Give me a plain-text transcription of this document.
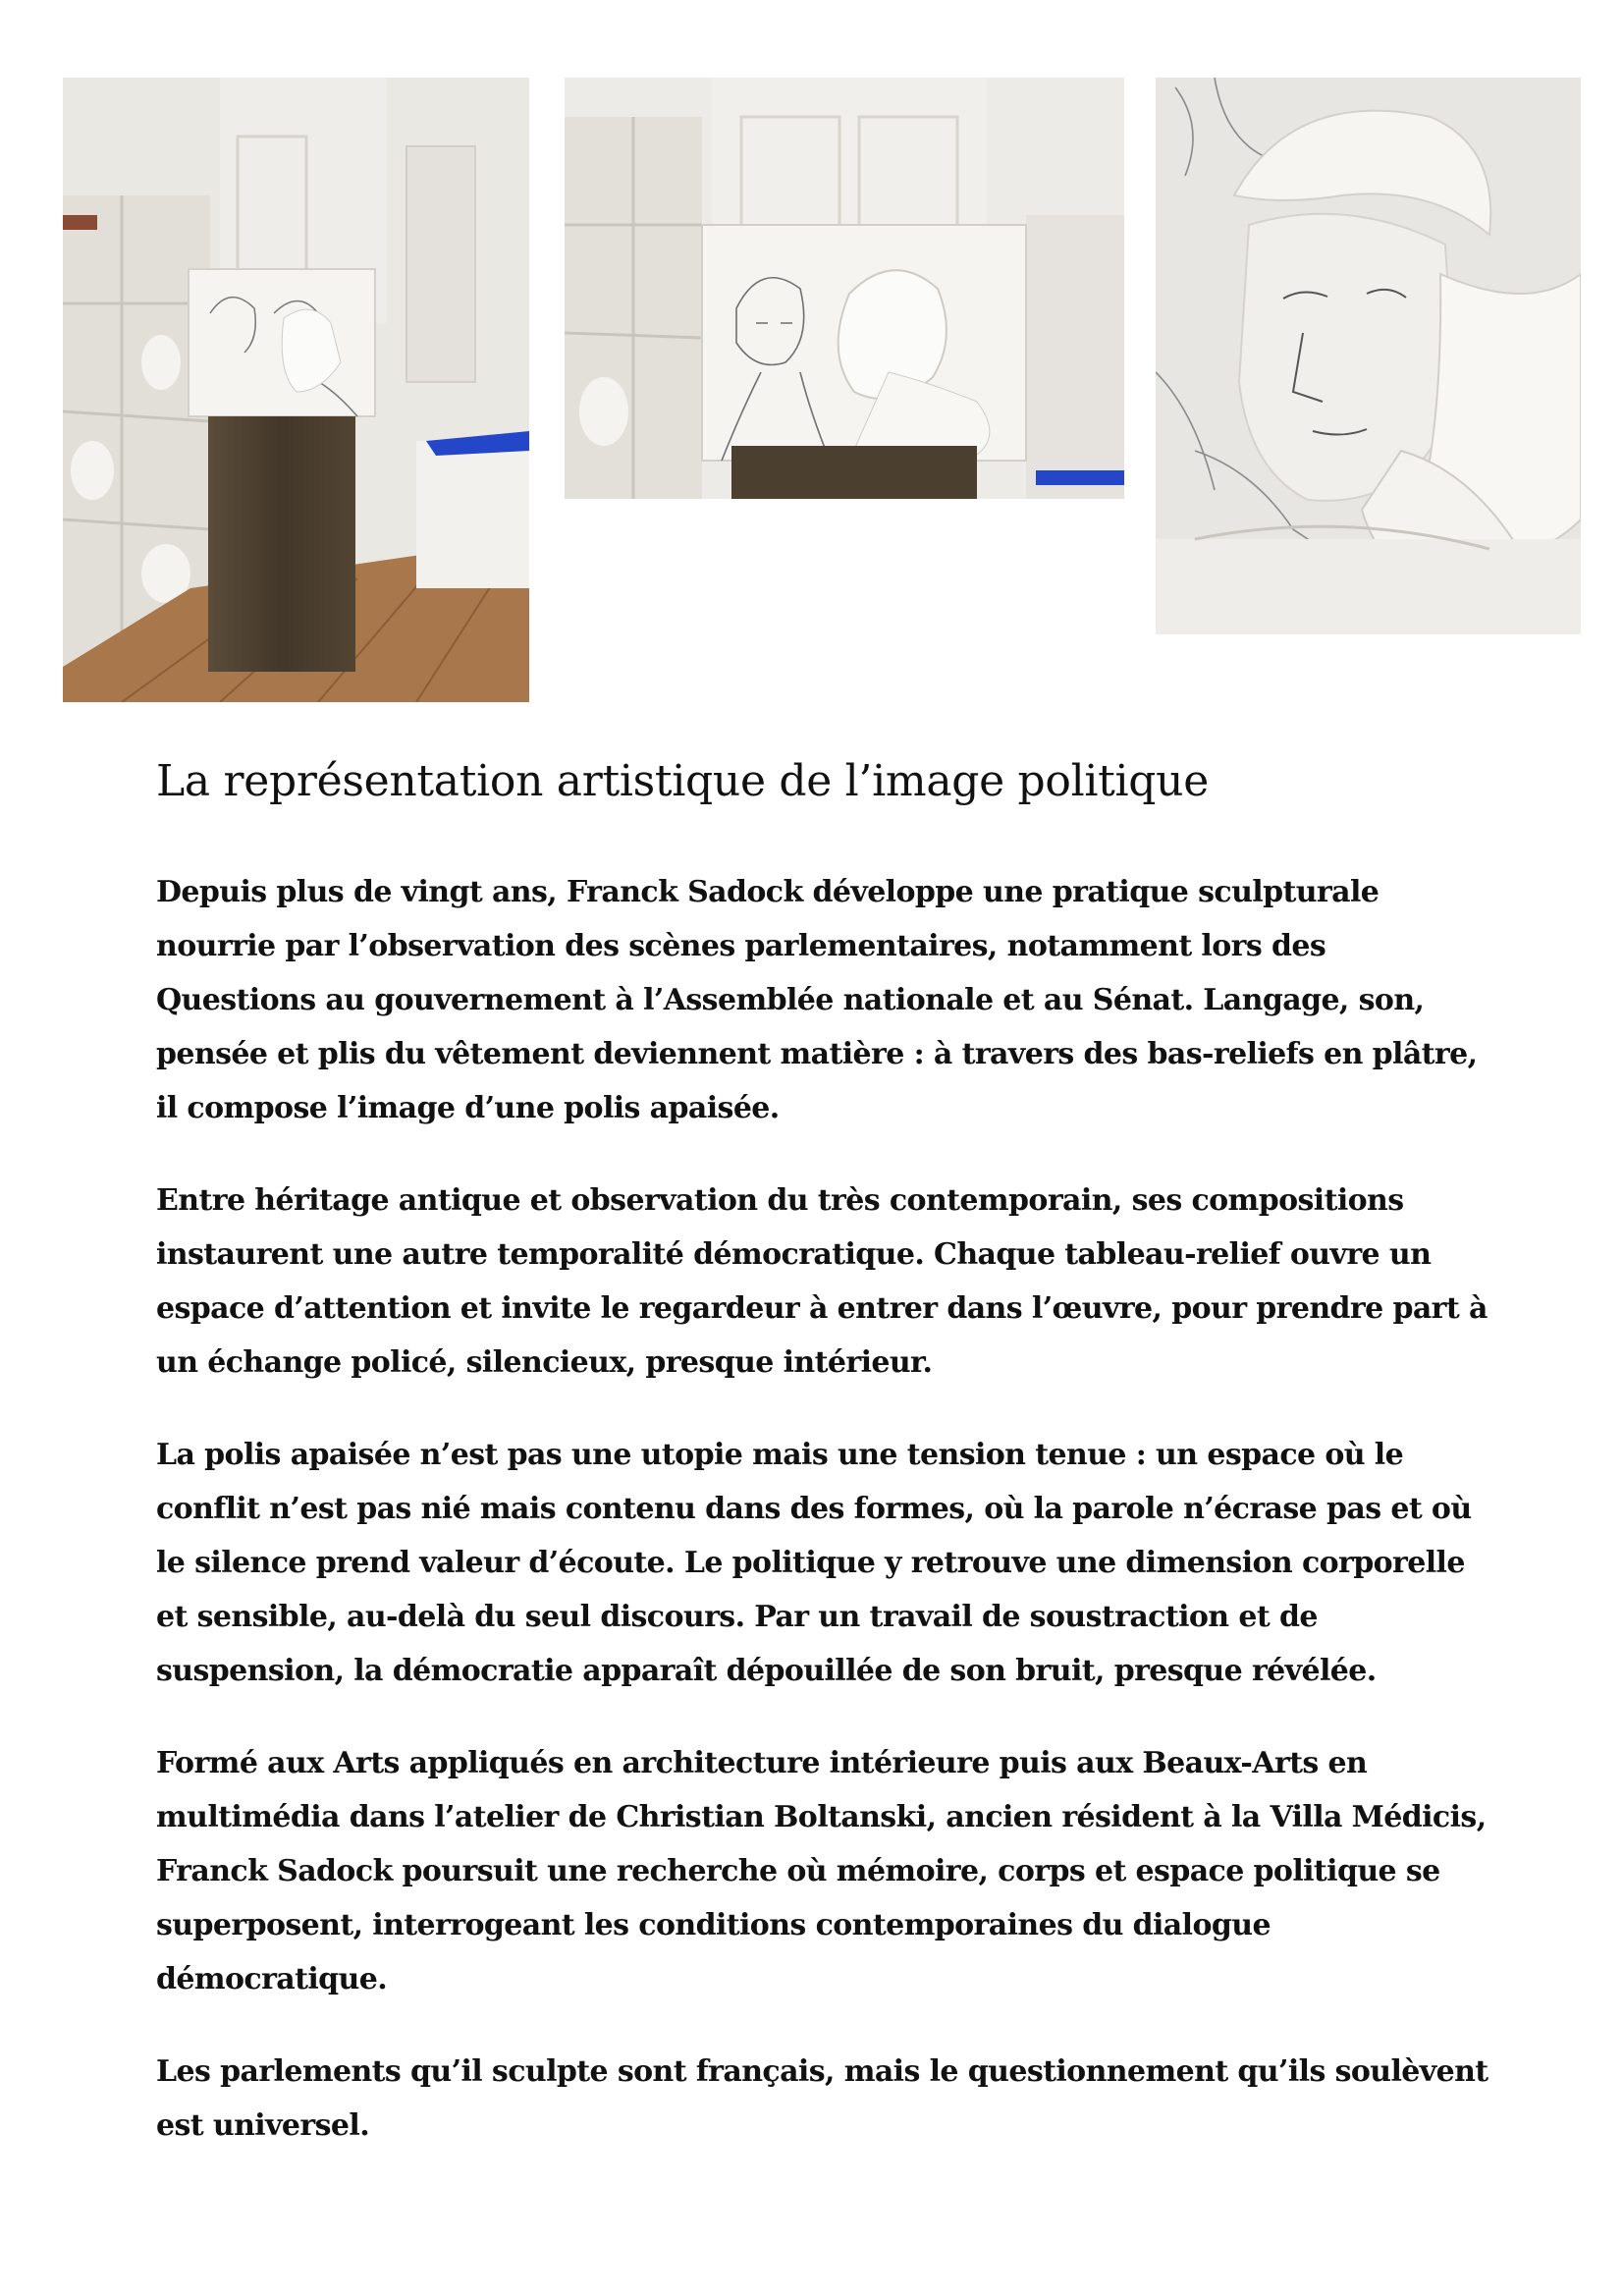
La représentation artistique de l’image politique

Depuis plus de vingt ans, Franck Sadock développe une pratique sculpturale nourrie par l’observation des scènes parlementaires, notamment lors des Questions au gouvernement à l’Assemblée nationale et au Sénat. Langage, son, pensée et plis du vêtement deviennent matière : à travers des bas-reliefs en plâtre, il compose l’image d’une polis apaisée.

Entre héritage antique et observation du très contemporain, ses compositions instaurent une autre temporalité démocratique. Chaque tableau-relief ouvre un espace d’attention et invite le regardeur à entrer dans l’œuvre, pour prendre part à un échange policé, silencieux, presque intérieur.

La polis apaisée n’est pas une utopie mais une tension tenue : un espace où le conflit n’est pas nié mais contenu dans des formes, où la parole n’écrase pas et où le silence prend valeur d’écoute. Le politique y retrouve une dimension corporelle et sensible, au-delà du seul discours. Par un travail de soustraction et de suspension, la démocratie apparaît dépouillée de son bruit, presque révélée.

Formé aux Arts appliqués en architecture intérieure puis aux Beaux-Arts en multimédia dans l’atelier de Christian Boltanski, ancien résident à la Villa Médicis, Franck Sadock poursuit une recherche où mémoire, corps et espace politique se superposent, interrogeant les conditions contemporaines du dialogue démocratique.

Les parlements qu’il sculpte sont français, mais le questionnement qu’ils soulèvent est universel.
